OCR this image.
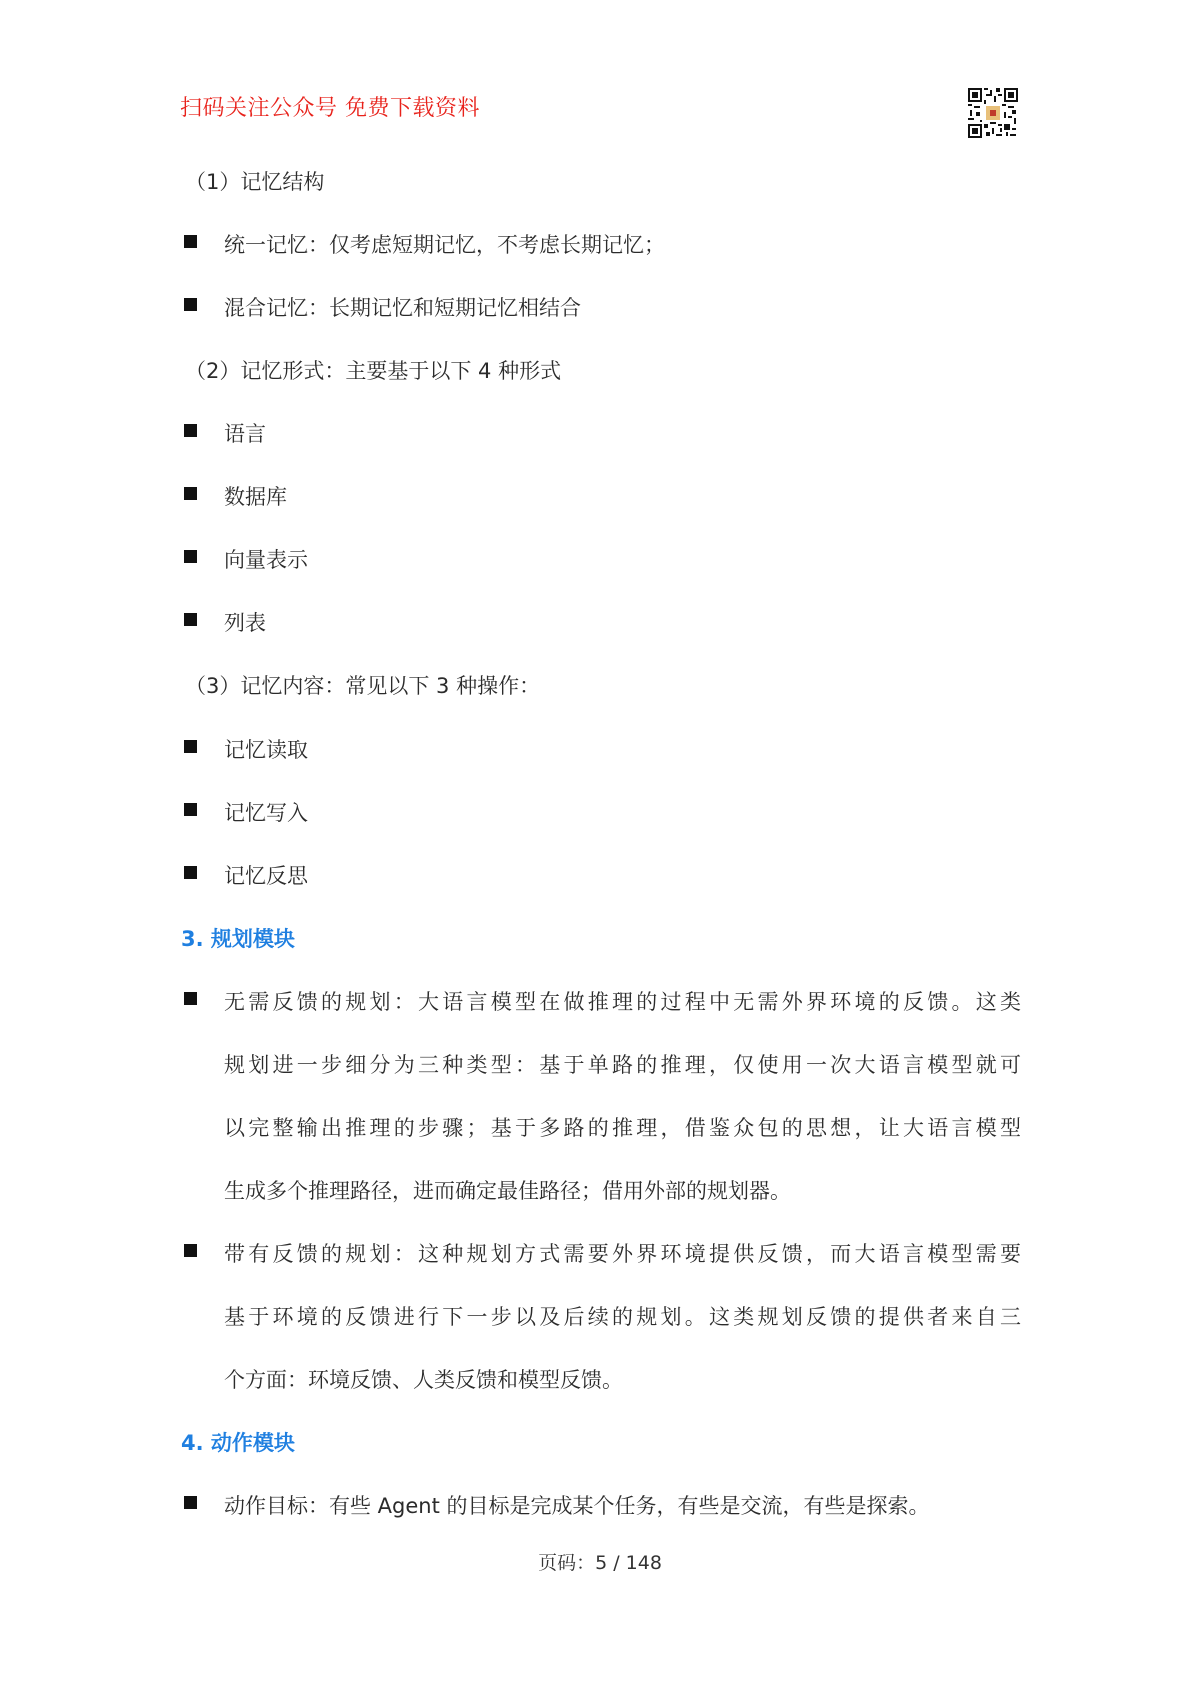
扫码关注公众号 免费下载资料
（1）记忆结构
统一记忆：仅考虑短期记忆，不考虑长期记忆；
混合记忆：长期记忆和短期记忆相结合
（2）记忆形式：主要基于以下 4 种形式
语言
数据库
向量表示
列表
（3）记忆内容：常见以下 3 种操作：
记忆读取
记忆写入
记忆反思
3. 规划模块
无需反馈的规划：大语言模型在做推理的过程中无需外界环境的反馈。这类
规划进一步细分为三种类型：基于单路的推理，仅使用一次大语言模型就可
以完整输出推理的步骤；基于多路的推理，借鉴众包的思想，让大语言模型
生成多个推理路径，进而确定最佳路径；借用外部的规划器。
带有反馈的规划：这种规划方式需要外界环境提供反馈，而大语言模型需要
基于环境的反馈进行下一步以及后续的规划。这类规划反馈的提供者来自三
个方面：环境反馈、人类反馈和模型反馈。
4. 动作模块
动作目标：有些 Agent 的目标是完成某个任务，有些是交流，有些是探索。
页码：5 / 148
